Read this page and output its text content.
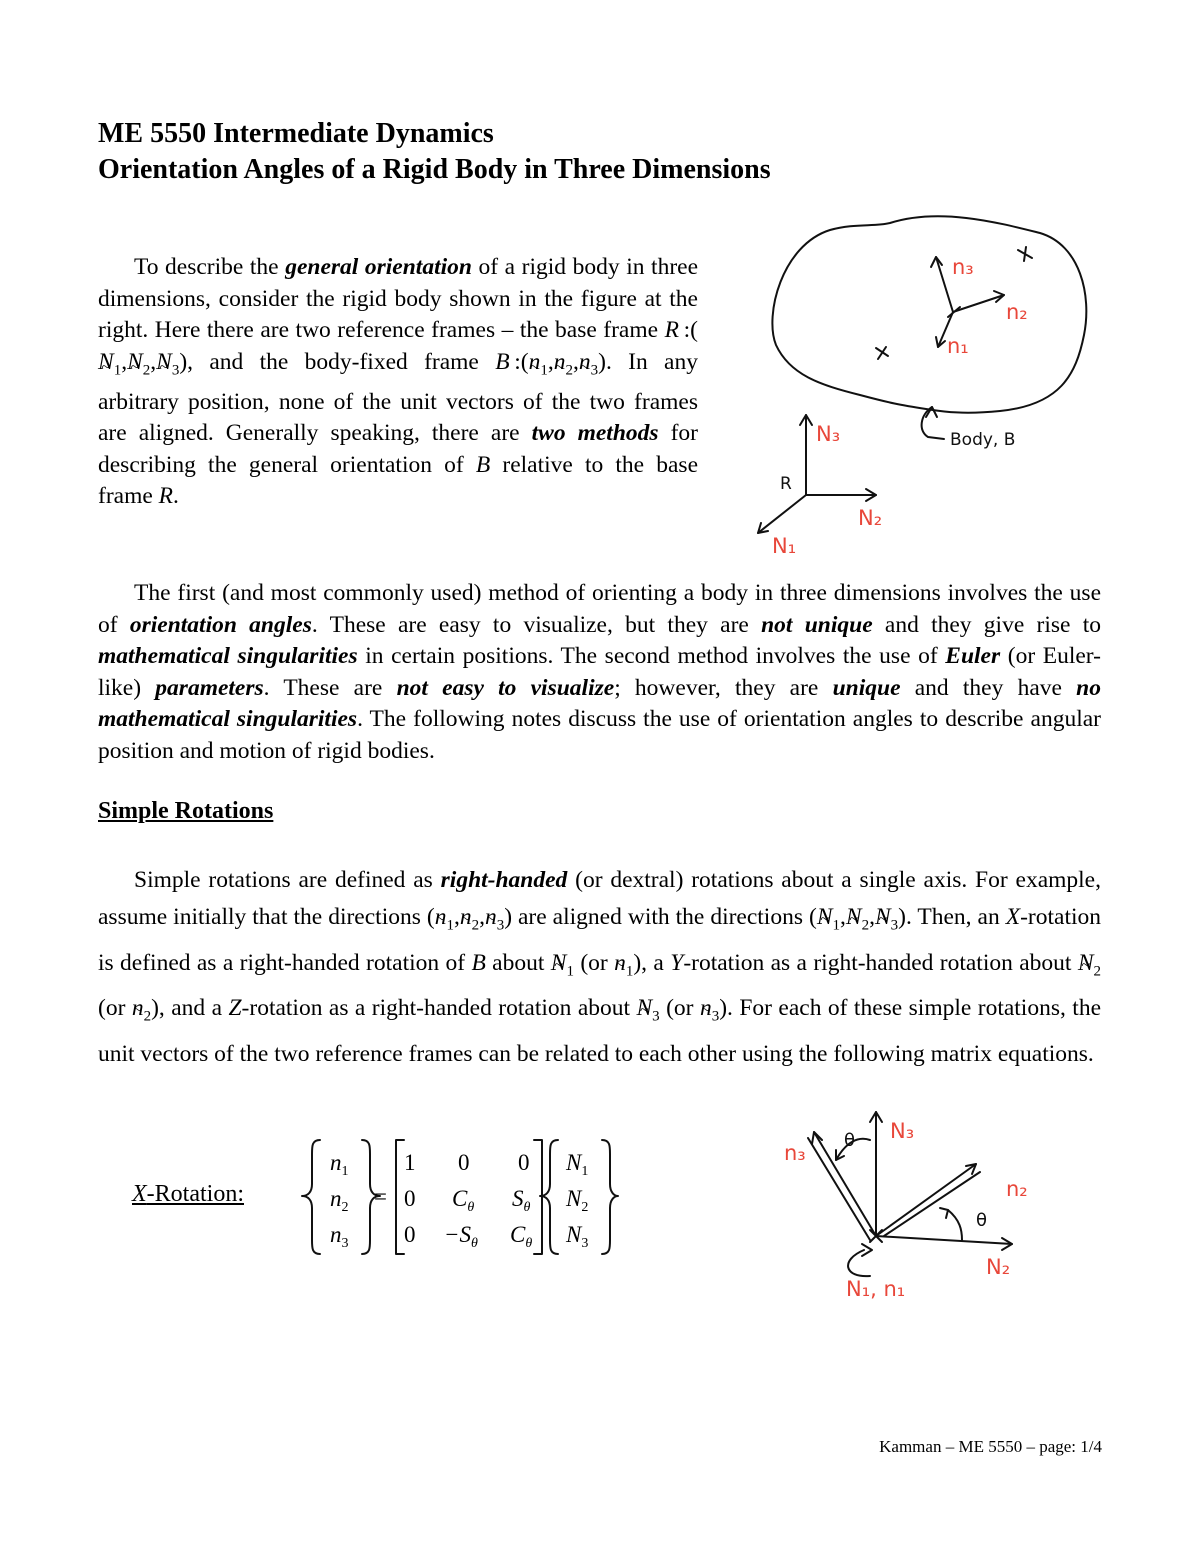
ME 5550 Intermediate Dynamics
Orientation Angles of a Rigid Body in Three Dimensions
To describe the general orientation of a rigid body in three dimensions, consider the rigid body shown in the figure at the right. Here there are two reference frames – the base frame R  :(N $\sim_1,N$ $\sim_2,N$ $\sim_3$), and the body-fixed frame B  :(n $\sim_1,n$ $\sim_2,n$ $\sim_3$). In any arbitrary position, none of the unit vectors of the two frames are aligned. Generally speaking, there are two methods for describing the general orientation of B relative to the base frame R.
Body, B
n₃
n₂
n₁
R
N₃
N₂
N₁
The first (and most commonly used) method of orienting a body in three dimensions involves the use of orientation angles. These are easy to visualize, but they are not unique and they give rise to mathematical singularities in certain positions. The second method involves the use of Euler (or Euler-like) parameters. These are not easy to visualize; however, they are unique and they have no mathematical singularities. The following notes discuss the use of orientation angles to describe angular position and motion of rigid bodies.
Simple Rotations
Simple rotations are defined as right-handed (or dextral) rotations about a single axis. For example, assume initially that the directions (n $\sim_1,n$ $\sim_2,n$ $\sim_3$) are aligned with the directions (N $\sim_1,N$ $\sim_2,N$ $\sim_3$). Then, an X-rotation is defined as a right-handed rotation of B about N $\sim_1$ (or n $\sim_1$), a Y-rotation as a right-handed rotation about N $\sim_2$ (or n $\sim_2$), and a Z-rotation as a right-handed rotation about N $\sim_3$ (or n $\sim_3$). For each of these simple rotations, the unit vectors of the two reference frames can be related to each other using the following matrix equations.
X-Rotation:
$n_1$
$n_2$
$n_3$
=
1 0 0
0 $C_\theta$ $S_\theta$
$0 -S_\theta$ $C_\theta$
$N_1$
$N_2$
$N_3$
θ
θ
N₃
n₃
n₂
N₂
N₁, n₁
Kamman – ME 5550 – page: 1/4
